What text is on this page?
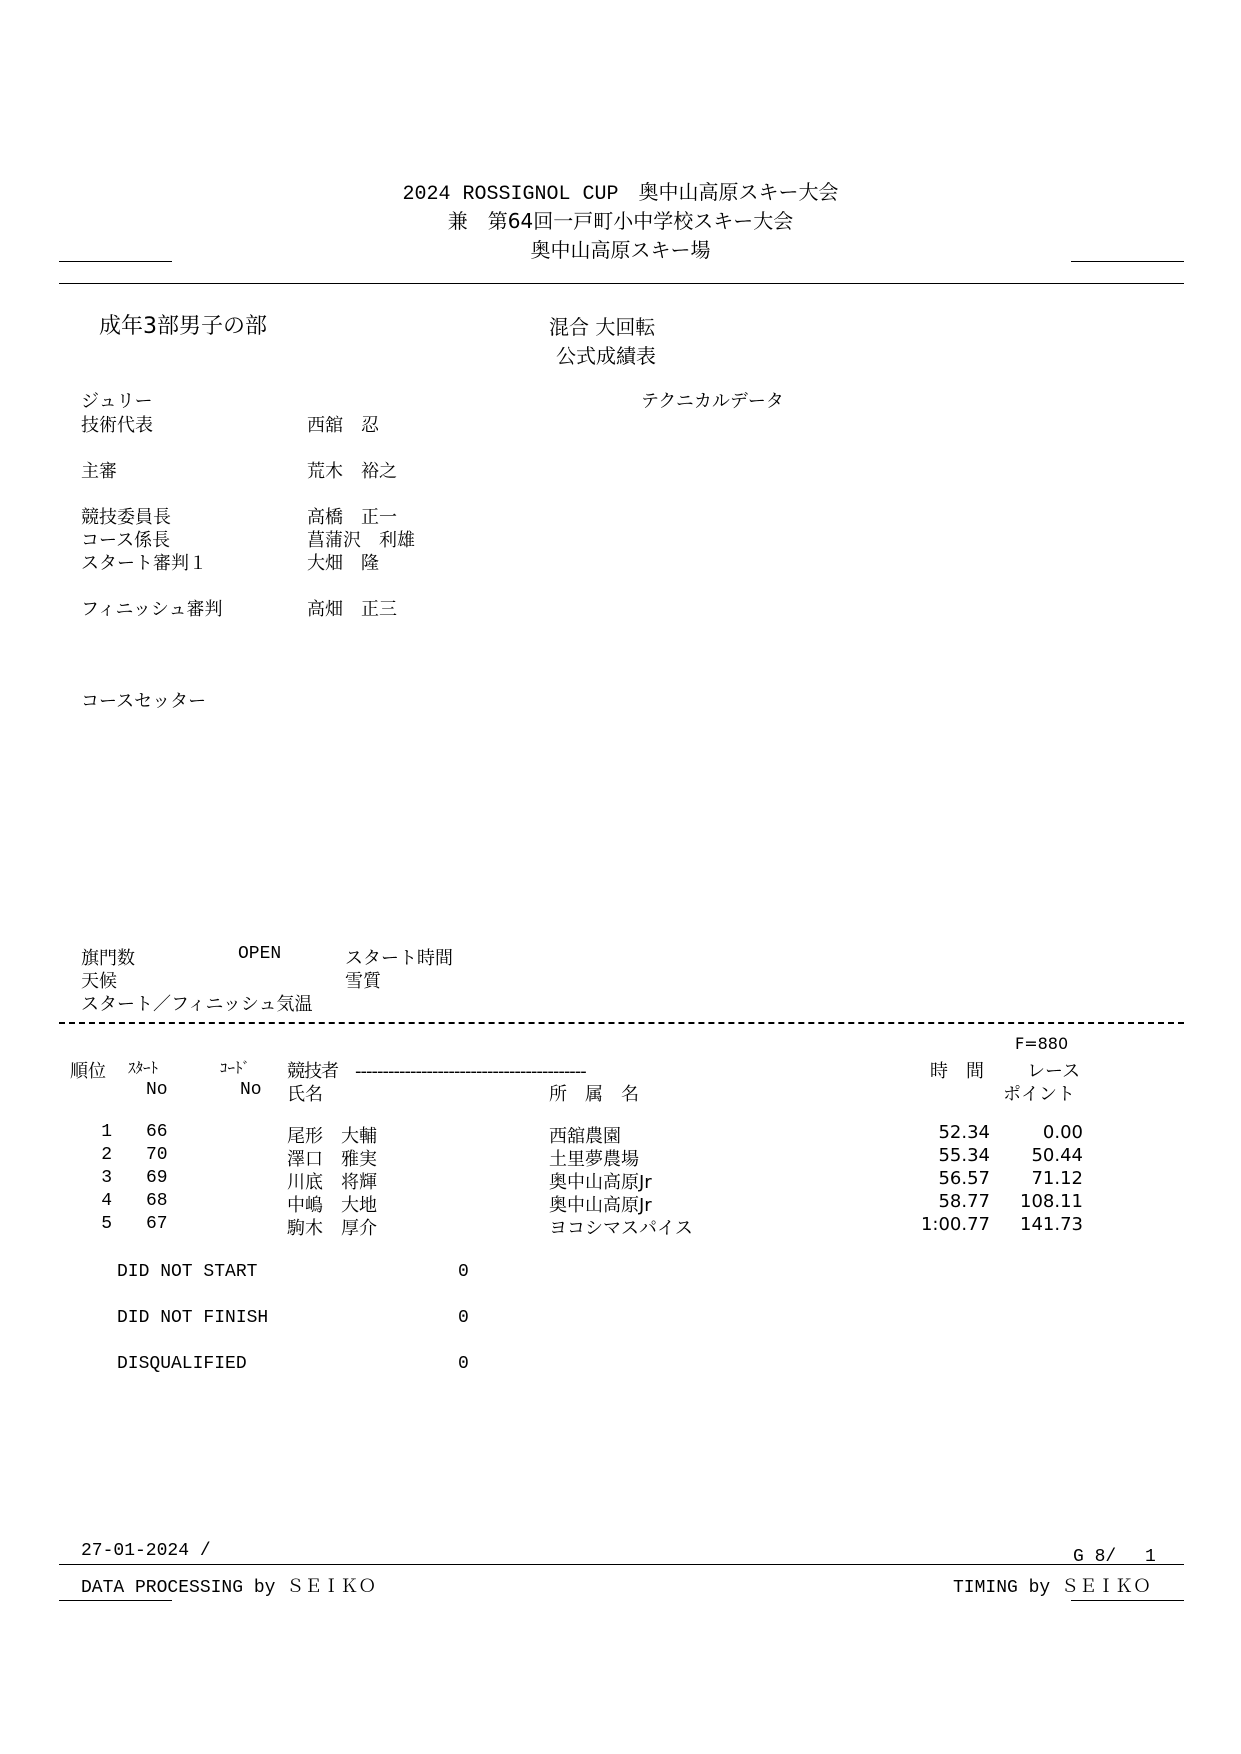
2024 ROSSIGNOL CUP　奥中山高原スキー大会
兼　第64回一戸町小中学校スキー大会
奥中山高原スキー場
成年3部男子の部	混合 大回転
公式成績表
ジュリー	テクニカルデータ
技術代表	西舘　忍
主審	荒木　裕之
競技委員長	高橋　正一
コース係長	菖蒲沢　利雄
スタート審判１	大畑　隆
フィニッシュ審判	高畑　正三
コースセッター
旗門数	OPEN	スタート時間
天候	雪質
スタート／フィニッシュ気温
F=880
順位 ｽﾀｰﾄ	ｺｰﾄﾞ 競技者　------------------------------------------	時　間 レース
No	No 氏名	所　属　名	ポイント
1 66	尾形　大輔	西舘農園	52.34	0.00
2 70	澤口　雅実	土里夢農場	55.34	50.44
3 69	川底　将輝	奥中山高原Jr	56.57	71.12
4 68	中嶋　大地	奥中山高原Jr	58.77	108.11
5 67	駒木　厚介	ヨコシマスパイス	1:00.77	141.73
DID NOT START	0
DID NOT FINISH	0
DISQUALIFIED	0
27-01-2024 /	G 8/　 1
DATA PROCESSING by ＳＥＩＫＯ	TIMING by ＳＥＩＫＯ
